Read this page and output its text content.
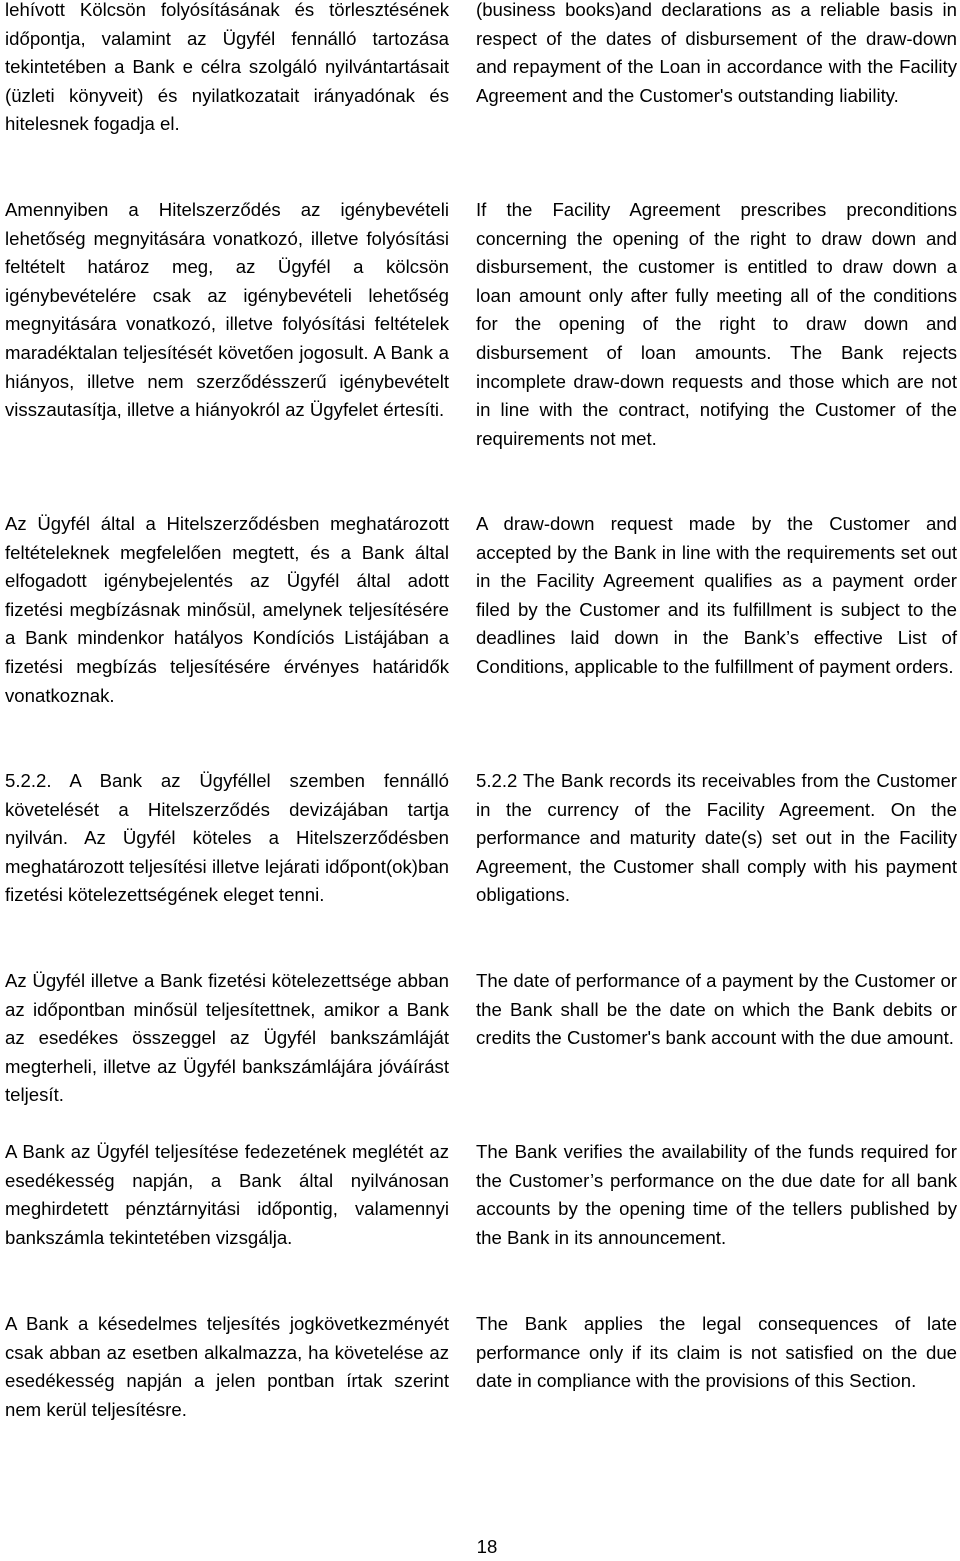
lehívott Kölcsön folyósításának és törlesztésének időpontja, valamint az Ügyfél fennálló tartozása tekintetében a Bank e célra szolgáló nyilvántartásait (üzleti könyveit) és nyilatkozatait irányadónak és hitelesnek fogadja el.

Amennyiben a Hitelszerződés az igénybevételi lehetőség megnyitására vonatkozó, illetve folyósítási feltételt határoz meg, az Ügyfél a kölcsön igénybevételére csak az igénybevételi lehetőség megnyitására vonatkozó, illetve folyósítási feltételek maradéktalan teljesítését követően jogosult. A Bank a hiányos, illetve nem szerződésszerű igénybevételt visszautasítja, illetve a hiányokról az Ügyfelet értesíti.

Az Ügyfél által a Hitelszerződésben meghatározott feltételeknek megfelelően megtett, és a Bank által elfogadott igénybejelentés az Ügyfél által adott fizetési megbízásnak minősül, amelynek teljesítésére a Bank mindenkor hatályos Kondíciós Listájában a fizetési megbízás teljesítésére érvényes határidők vonatkoznak.

5.2.2. A Bank az Ügyféllel szemben fennálló követelését a Hitelszerződés devizájában tartja nyilván. Az Ügyfél köteles a Hitelszerződésben meghatározott teljesítési illetve lejárati időpont(ok)ban fizetési kötelezettségének eleget tenni.

Az Ügyfél illetve a Bank fizetési kötelezettsége abban az időpontban minősül teljesítettnek, amikor a Bank az esedékes összeggel az Ügyfél bankszámláját megterheli, illetve az Ügyfél bankszámlájára jóváírást teljesít.

A Bank az Ügyfél teljesítése fedezetének meglétét az esedékesség napján, a Bank által nyilvánosan meghirdetett pénztárnyitási időpontig, valamennyi bankszámla tekintetében vizsgálja.

A Bank a késedelmes teljesítés jogkövetkezményét csak abban az esetben alkalmazza, ha követelése az esedékesség napján a jelen pontban írtak szerint nem kerül teljesítésre.

(business books)and declarations as a reliable basis in respect of the dates of disbursement of the draw-down and repayment of the Loan in accordance with the Facility Agreement and the Customer's outstanding liability.

If the Facility Agreement prescribes preconditions concerning the opening of the right to draw down and disbursement, the customer is entitled to draw down a loan amount only after fully meeting all of the conditions for the opening of the right to draw down and disbursement of loan amounts. The Bank rejects incomplete draw-down requests and those which are not in line with the contract, notifying the Customer of the requirements not met.

A draw-down request made by the Customer and accepted by the Bank in line with the requirements set out in the Facility Agreement qualifies as a payment order filed by the Customer and its fulfillment is subject to the deadlines laid down in the Bank’s effective List of Conditions, applicable to the fulfillment of payment orders.

5.2.2 The Bank records its receivables from the Customer in the currency of the Facility Agreement. On the performance and maturity date(s) set out in the Facility Agreement, the Customer shall comply with his payment obligations.

The date of performance of a payment by the Customer or the Bank shall be the date on which the Bank debits or credits the Customer's bank account with the due amount.

The Bank verifies the availability of the funds required for the Customer’s performance on the due date for all bank accounts by the opening time of the tellers published by the Bank in its announcement.

The Bank applies the legal consequences of late performance only if its claim is not satisfied on the due date in compliance with the provisions of this Section.

18
